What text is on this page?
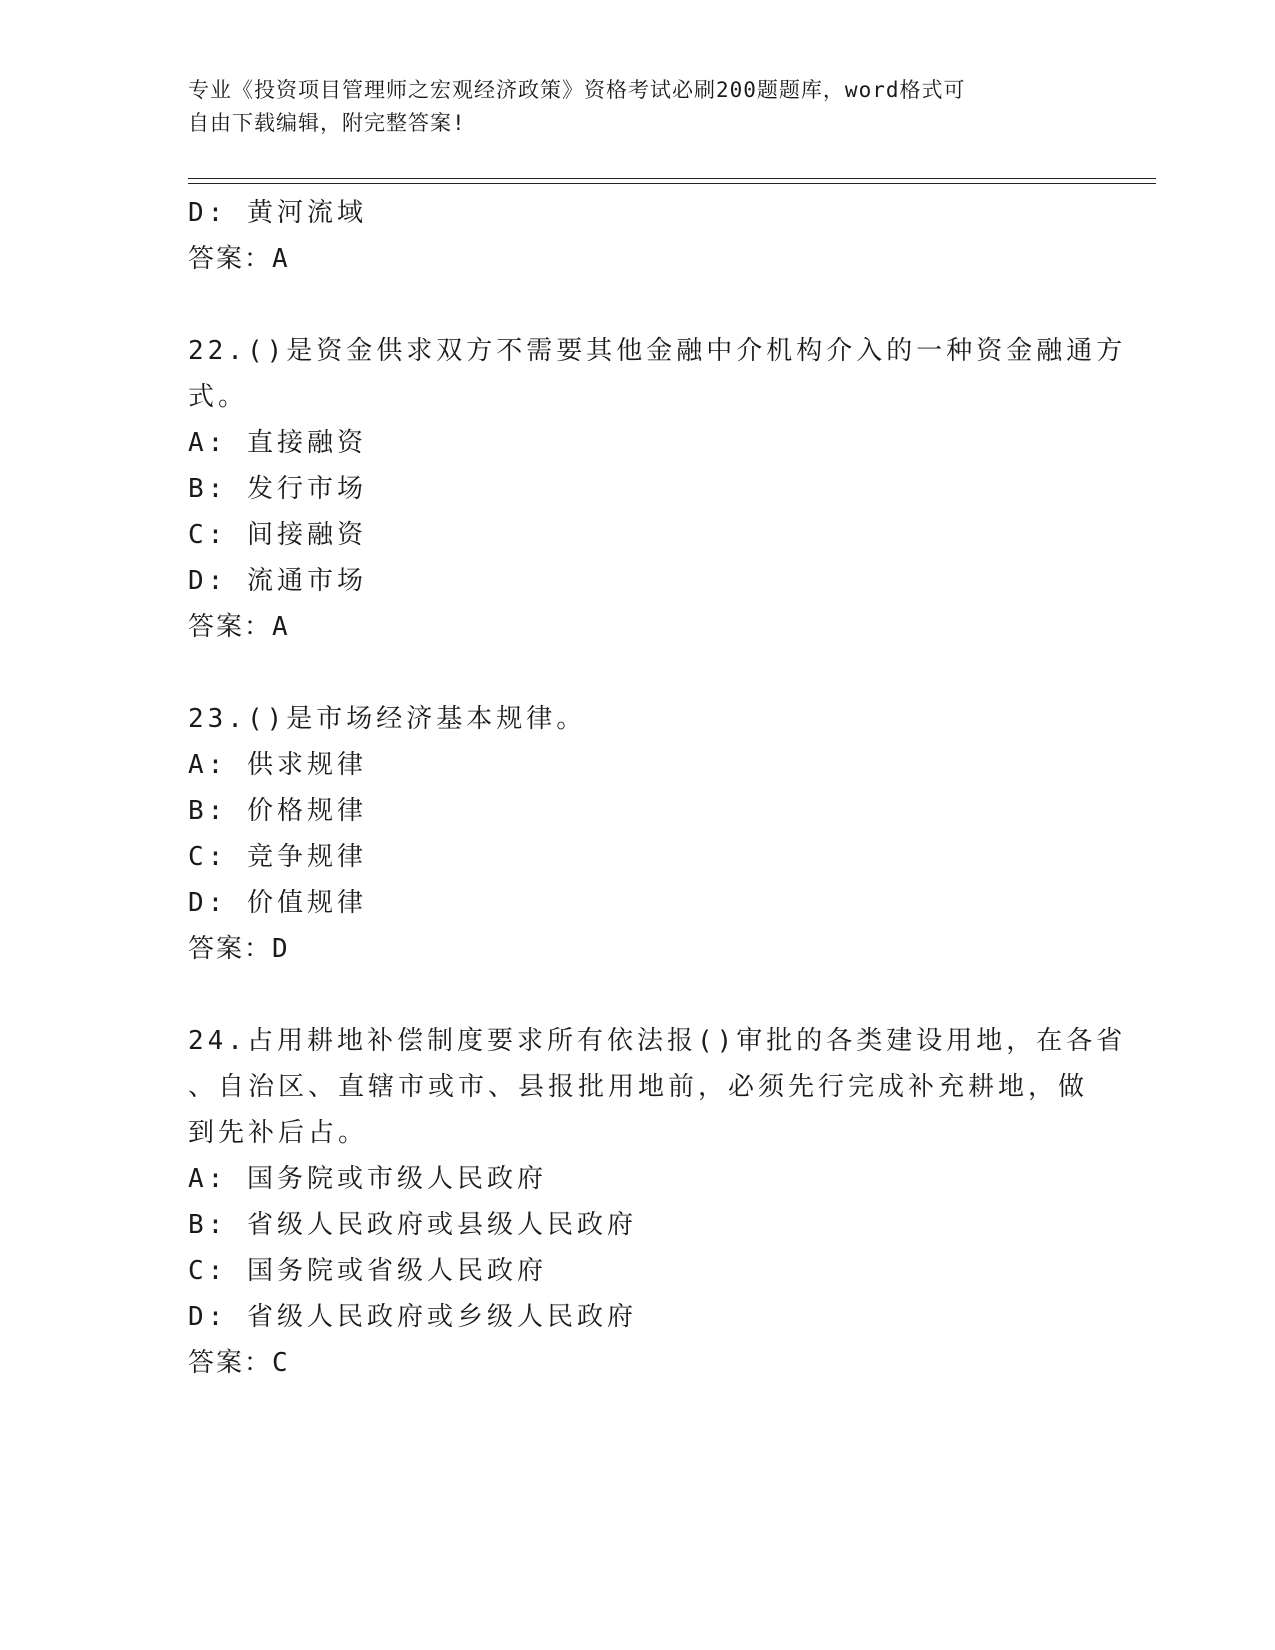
专业《投资项目管理师之宏观经济政策》资格考试必刷200题题库，word格式可
自由下载编辑，附完整答案!
D: 黄河流域
答案：A
22.()是资金供求双方不需要其他金融中介机构介入的一种资金融通方
式。
A: 直接融资
B: 发行市场
C: 间接融资
D: 流通市场
答案：A
23.()是市场经济基本规律。
A: 供求规律
B: 价格规律
C: 竞争规律
D: 价值规律
答案：D
24.占用耕地补偿制度要求所有依法报()审批的各类建设用地，在各省
、自治区、直辖市或市、县报批用地前，必须先行完成补充耕地，做
到先补后占。
A: 国务院或市级人民政府
B: 省级人民政府或县级人民政府
C: 国务院或省级人民政府
D: 省级人民政府或乡级人民政府
答案：C
